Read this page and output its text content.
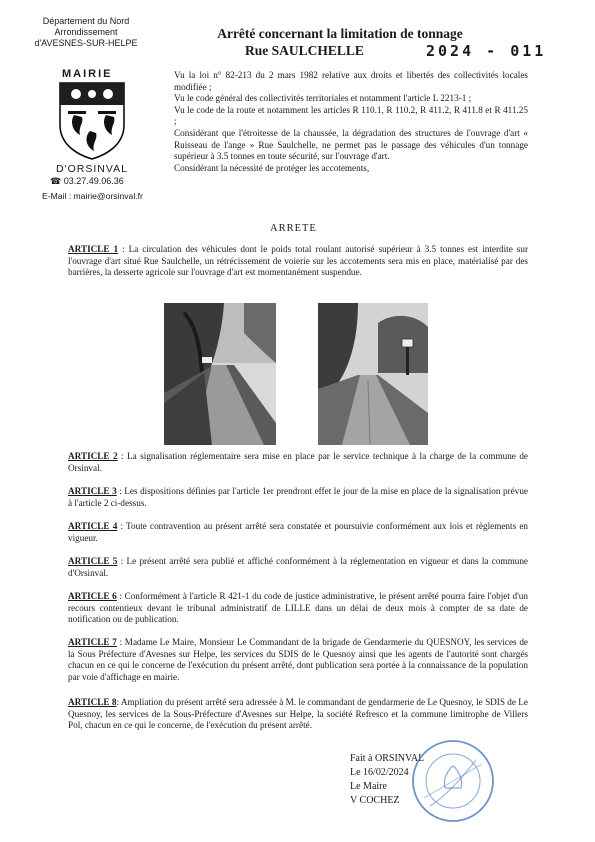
Département du Nord
Arrondissement
d'AVESNES-SUR-HELPE
MAIRIE
D'ORSINVAL
☎ 03.27.49.06.36
E-Mail : mairie@orsinval.fr
Arrêté concernant la limitation de tonnage
Rue SAULCHELLE	2024 - 011
Vu la loi n° 82-213 du 2 mars 1982 relative aux droits et libertés des collectivités locales modifiée ;
Vu le code général des collectivités territoriales et notamment l'article L 2213-1 ;
Vu le code de la route et notamment les articles R 110.1, R 110.2, R 411.2, R 411.8 et R 411.25 ;
Considérant que l'étroitesse de la chaussée, la dégradation des structures de l'ouvrage d'art « Ruisseau de l'ange » Rue Saulchelle, ne permet pas le passage des véhicules d'un tonnage supérieur à 3.5 tonnes en toute sécurité, sur l'ouvrage d'art.
Considérant la nécessité de protéger les accotements,
ARRETE
ARTICLE 1 : La circulation des véhicules dont le poids total roulant autorisé supérieur à 3.5 tonnes est interdite sur l'ouvrage d'art situé Rue Saulchelle, un rétrécissement de voierie sur les accotements sera mis en place, matérialisé par des barrières, la desserte agricole sur l'ouvrage d'art est momentanément suspendue.
ARTICLE 2 : La signalisation réglementaire sera mise en place par le service technique à la charge de la commune de Orsinval.
ARTICLE 3 : Les dispositions définies par l'article 1er prendront effet le jour de la mise en place de la signalisation prévue à l'article 2 ci-dessus.
ARTICLE 4 : Toute contravention au présent arrêté sera constatée et poursuivie conformément aux lois et règlements en vigueur.
ARTICLE 5 : Le présent arrêté sera publié et affiché conformément à la réglementation en vigueur et dans la commune d'Orsinval.
ARTICLE 6 : Conformément à l'article R 421-1 du code de justice administrative, le présent arrêté pourra faire l'objet d'un recours contentieux devant le tribunal administratif de LILLE dans un délai de deux mois à compter de sa date de notification ou de publication.
ARTICLE 7 : Madame Le Maire, Monsieur Le Commandant de la brigade de Gendarmerie du QUESNOY, les services de la Sous Préfecture d'Avesnes sur Helpe, les services du SDIS de le Quesnoy ainsi que les agents de l'autorité sont chargés chacun en ce qui le concerne de l'exécution du présent arrêté, dont publication sera portée à la connaissance de la population par voie d'affichage en mairie.
ARTICLE 8: Ampliation du présent arrêté sera adressée à M. le commandant de gendarmerie de Le Quesnoy, le SDIS de Le Quesnoy, les services de la Sous-Préfecture d'Avesnes sur Helpe, la société Refresco et la commune limitrophe de Villers Pol, chacun en ce qui le concerne, de l'exécution du présent arrêté.
Fait à ORSINVAL
Le 16/02/2024
Le Maire
V COCHEZ
